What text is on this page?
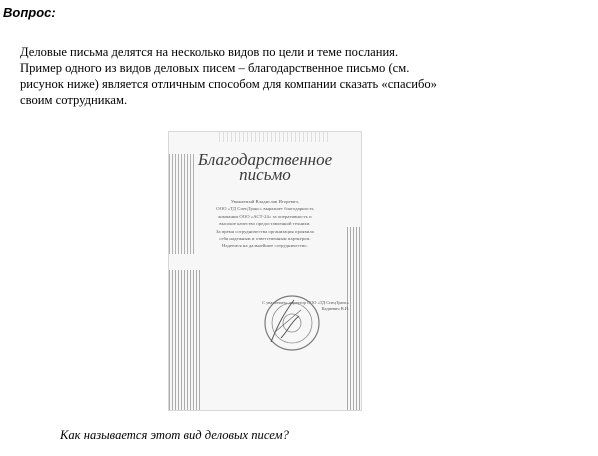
Вопрос:
Деловые письма делятся на несколько видов по цели и теме послания.
Пример одного из видов деловых писем – благодарственное письмо (см.
рисунок ниже) является отличным способом для компании сказать «спасибо»
своим сотрудникам.
Благодарственное
письмо
Уважаемый Владислав Игоревич,
ООО «ТД СпецТранс» выражает благодарность
компании ООО «АСТ-24» за оперативность и
высокое качество предоставленной техники.
За время сотрудничества организация проявила
себя надежным и ответственным партнером.
Надеемся на дальнейшее сотрудничество.
С уважением, директор ООО «ТД СпецТранс»
Кадиевич В.И.
Как называется этот вид деловых писем?
